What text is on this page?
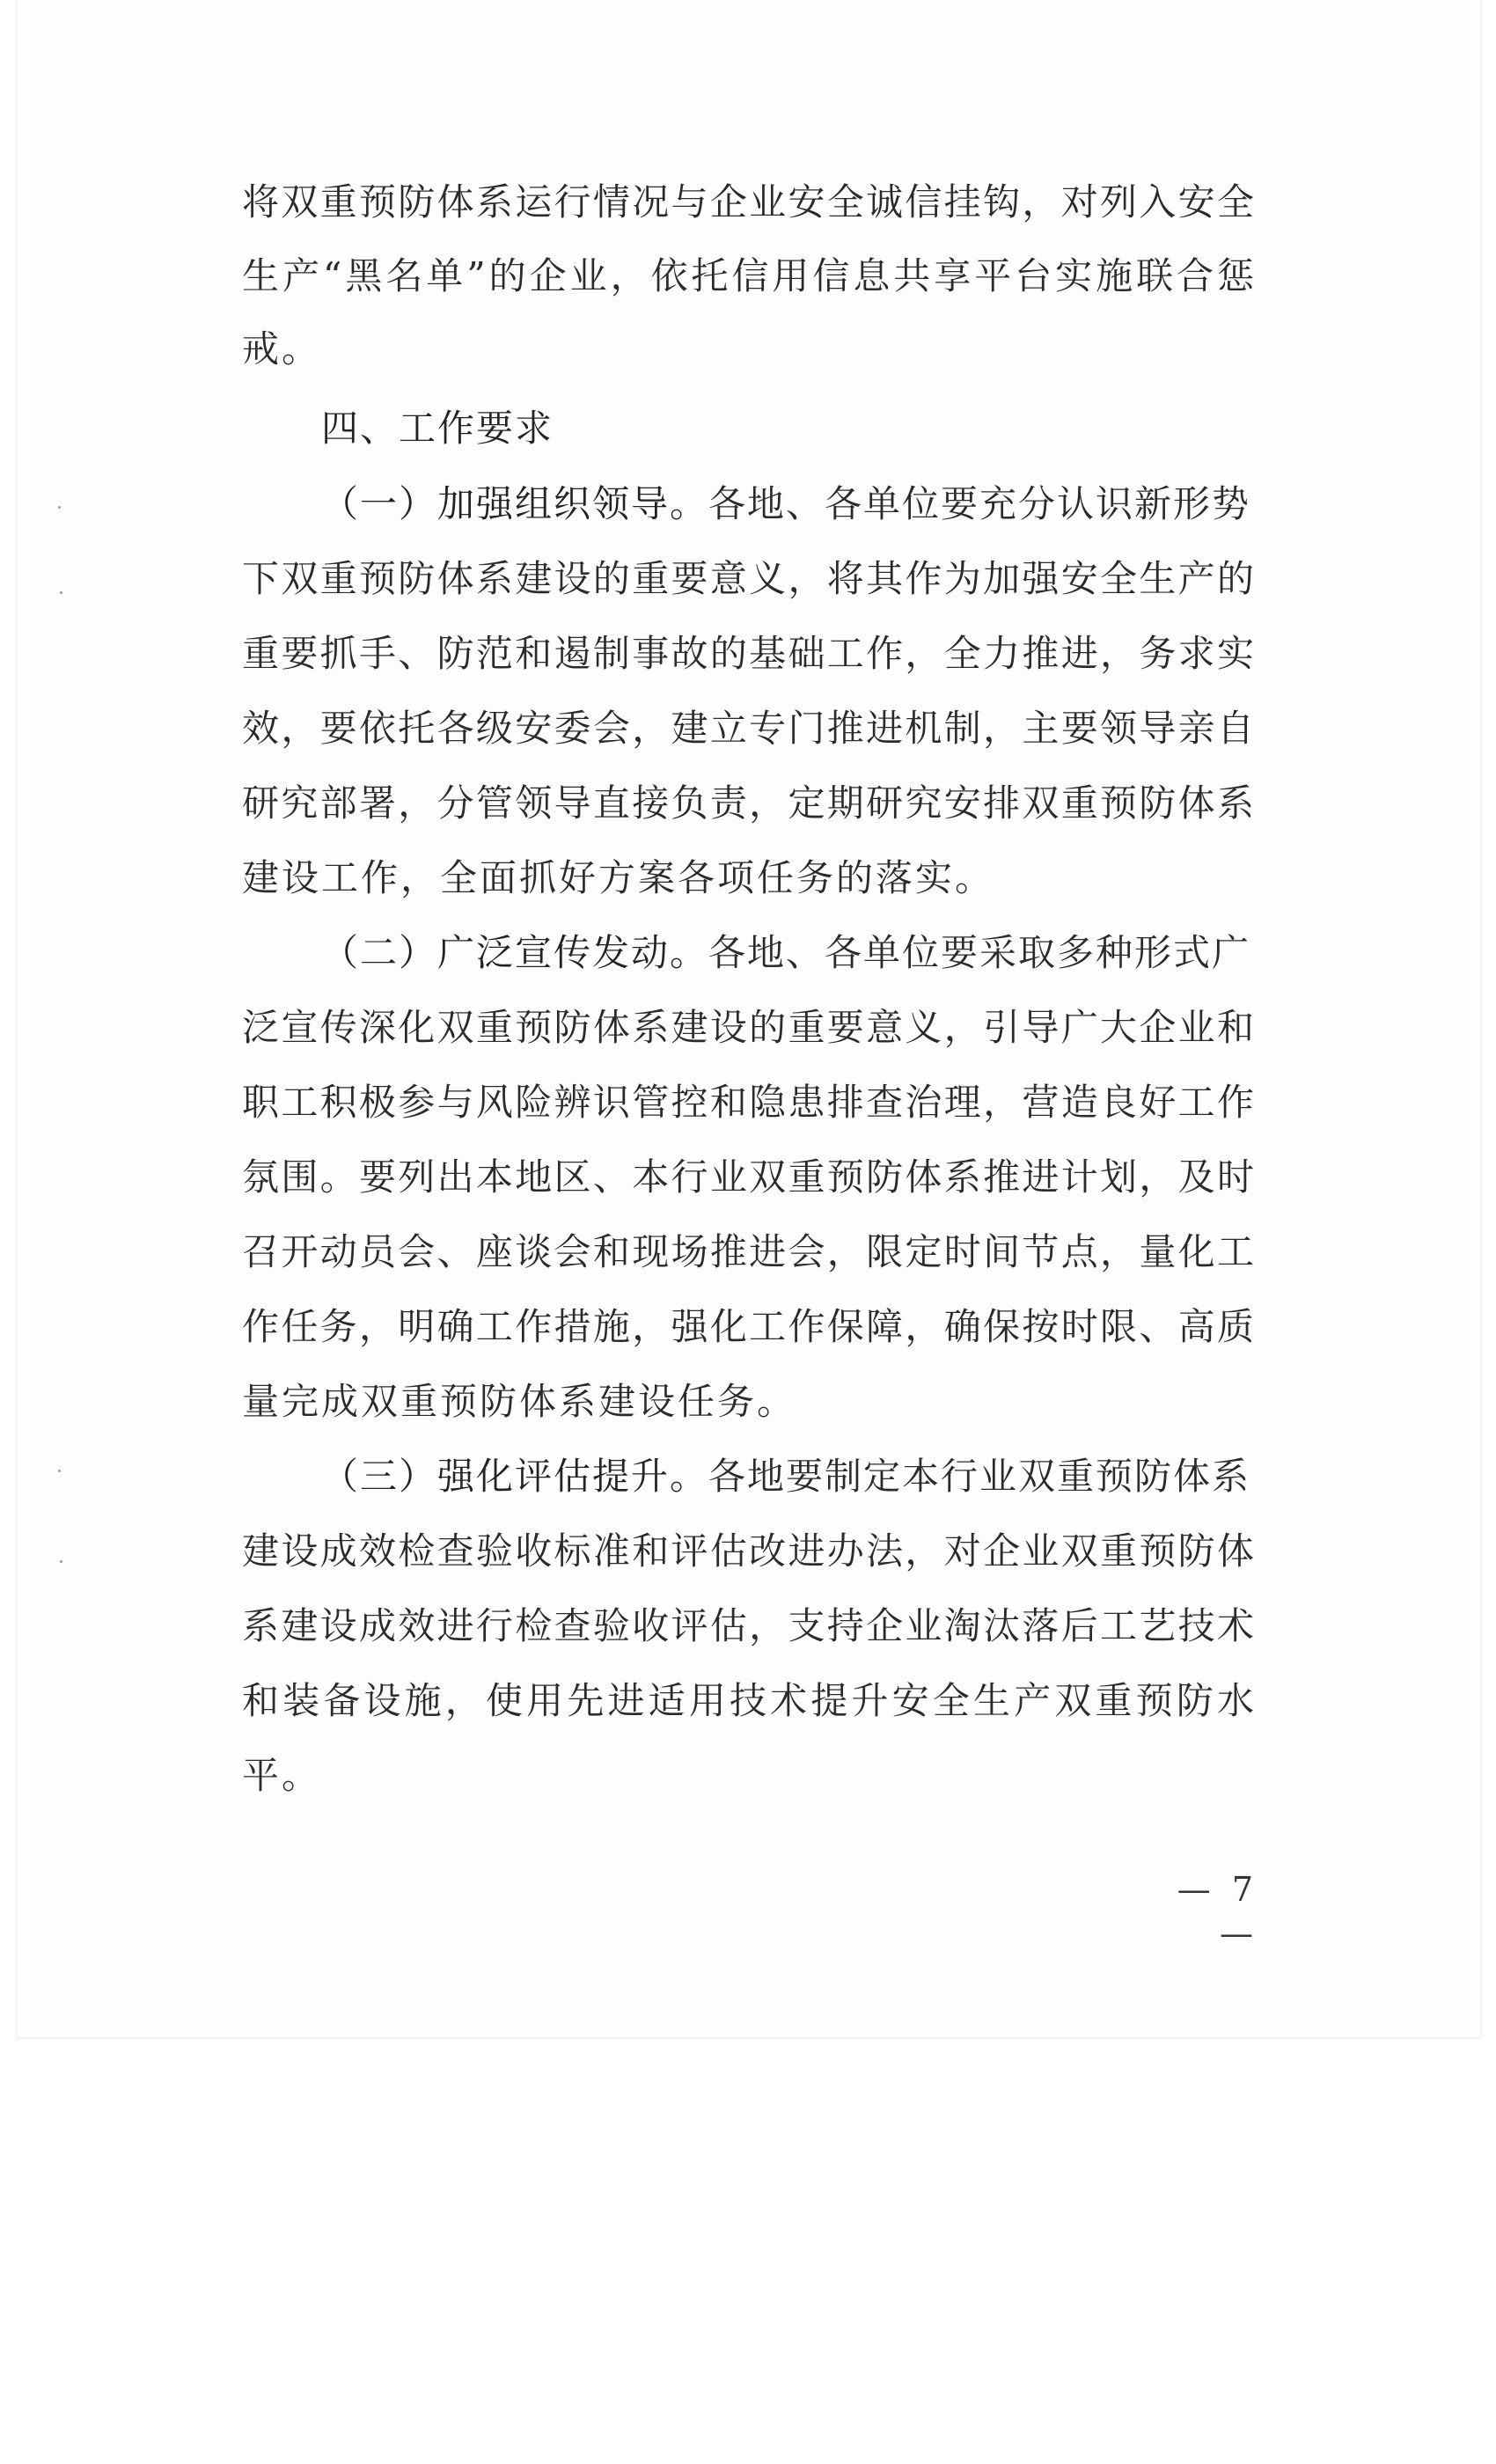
将双重预防体系运行情况与企业安全诚信挂钩，对列入安全
生产“黑名单”的企业，依托信用信息共享平台实施联合惩
戒。
四、工作要求
（一）加强组织领导。各地、各单位要充分认识新形势
下双重预防体系建设的重要意义，将其作为加强安全生产的
重要抓手、防范和遏制事故的基础工作，全力推进，务求实
效，要依托各级安委会，建立专门推进机制，主要领导亲自
研究部署，分管领导直接负责，定期研究安排双重预防体系
建设工作，全面抓好方案各项任务的落实。
（二）广泛宣传发动。各地、各单位要采取多种形式广
泛宣传深化双重预防体系建设的重要意义，引导广大企业和
职工积极参与风险辨识管控和隐患排查治理，营造良好工作
氛围。要列出本地区、本行业双重预防体系推进计划，及时
召开动员会、座谈会和现场推进会，限定时间节点，量化工
作任务，明确工作措施，强化工作保障，确保按时限、高质
量完成双重预防体系建设任务。
（三）强化评估提升。各地要制定本行业双重预防体系
建设成效检查验收标准和评估改进办法，对企业双重预防体
系建设成效进行检查验收评估，支持企业淘汰落后工艺技术
和装备设施，使用先进适用技术提升安全生产双重预防水
平。
— 7 —
